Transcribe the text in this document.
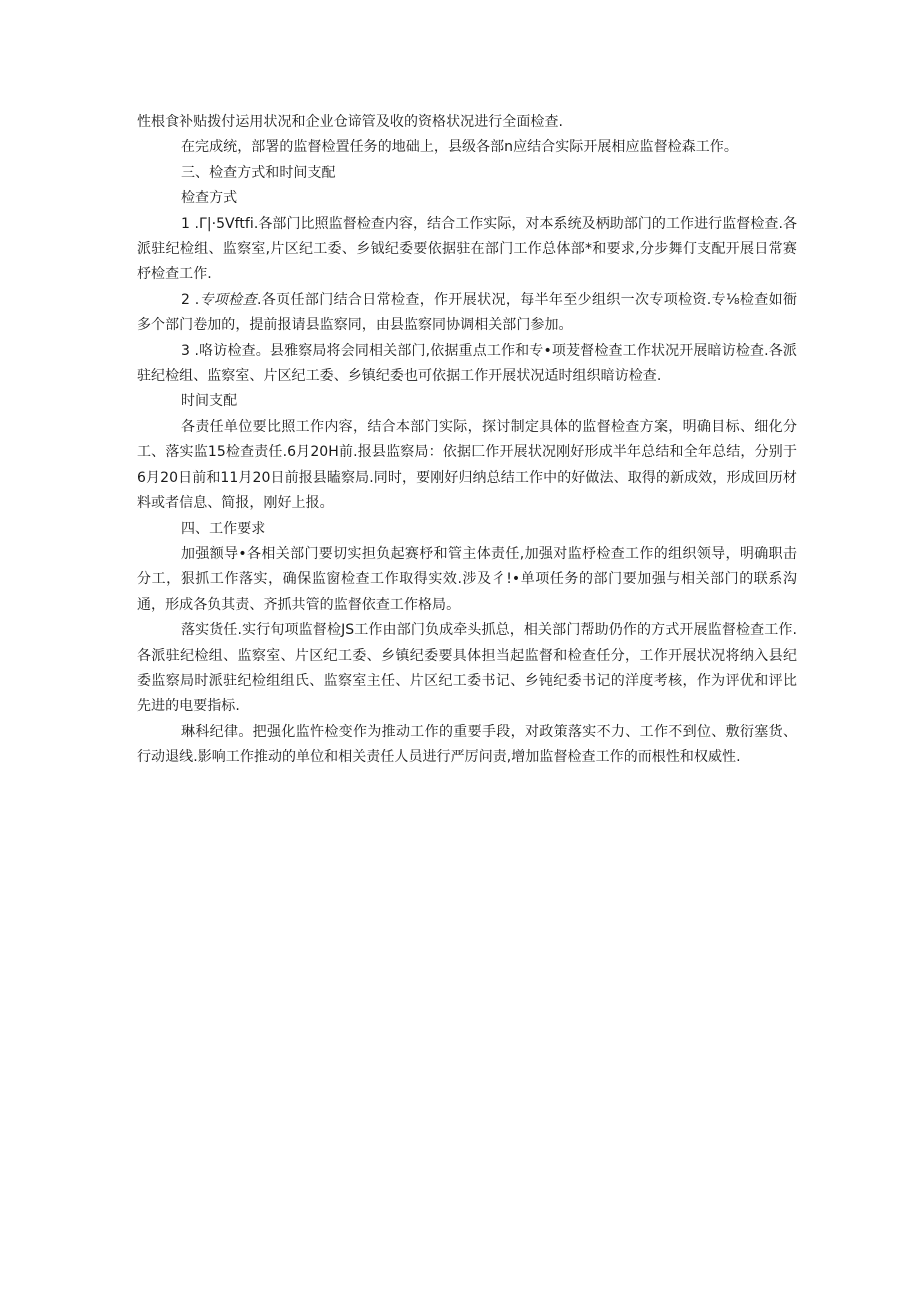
性根食补贴拨付运用状况和企业仓谛管及收的资格状况进行全面检查.

在完成统，部署的监督检置任务的地础上，县级各部n应结合实际开展相应监督检森工作。

三、检查方式和时间支配

检查方式

1 .Γ|·5Vftfi.各部门比照监督检查内容，结合工作实际，对本系统及柄助部门的工作进行监督检查.各派驻纪检组、监察室,片区纪工委、乡钺纪委要依据驻在部门工作总体部*和要求,分步舞仃支配开展日常赛杼检查工作.

2 .专项检查.各页任部门结合日常检查，作开展状况，每半年至少组织一次专项检资.专⅛检查如衙多个部门卷加的，提前报请县监察同，由县监察同协调相关部门参加。

3 .咯访检查。县雅察局将会同相关部门,依据重点工作和专•项茇督检查工作状况开展暗访检查.各派驻纪检组、监察室、片区纪工委、乡镇纪委也可依据工作开展状况适时组织暗访检查.

时间支配

各责任单位要比照工作内容，结合本部门实际，探讨制定具体的监督检查方案，明确目标、细化分工、落实监15检查责任.6月20H前.报县监察局：依据匚作开展状况刚好形成半年总结和全年总结，分别于6月20日前和11月20日前报县瞌察局.同时，要刚好归纳总结工作中的好做法、取得的新成效，形成回历材料或者信息、简报，刚好上报。

四、工作要求

加强额导•各相关部门要切实担负起赛杼和管主体责任,加强对监杼检查工作的组织领导，明确职击分工，狠抓工作落实，确保监窗检查工作取得实效.涉及彳!•单项任务的部门要加强与相关部门的联系沟通，形成各负其责、齐抓共管的监督依查工作格局。

落实货任.实行旬项监督检JS工作由部门负成牵头抓总，相关部门帮助仍作的方式开展监督检查工作.各派驻纪检组、监察室、片区纪工委、乡镇纪委要具体担当起监督和检查任分，工作开展状况将纳入县纪委监察局时派驻纪检组组氏、监察室主任、片区纪工委书记、乡钝纪委书记的洋度考核，作为评优和评比先进的电要指标.

琳科纪律。把强化监忤检变作为推动工作的重要手段，对政策落实不力、工作不到位、敷衍塞货、行动退线.影响工作推动的单位和相关责任人员进行严厉问责,增加监督检查工作的而根性和权威性.
